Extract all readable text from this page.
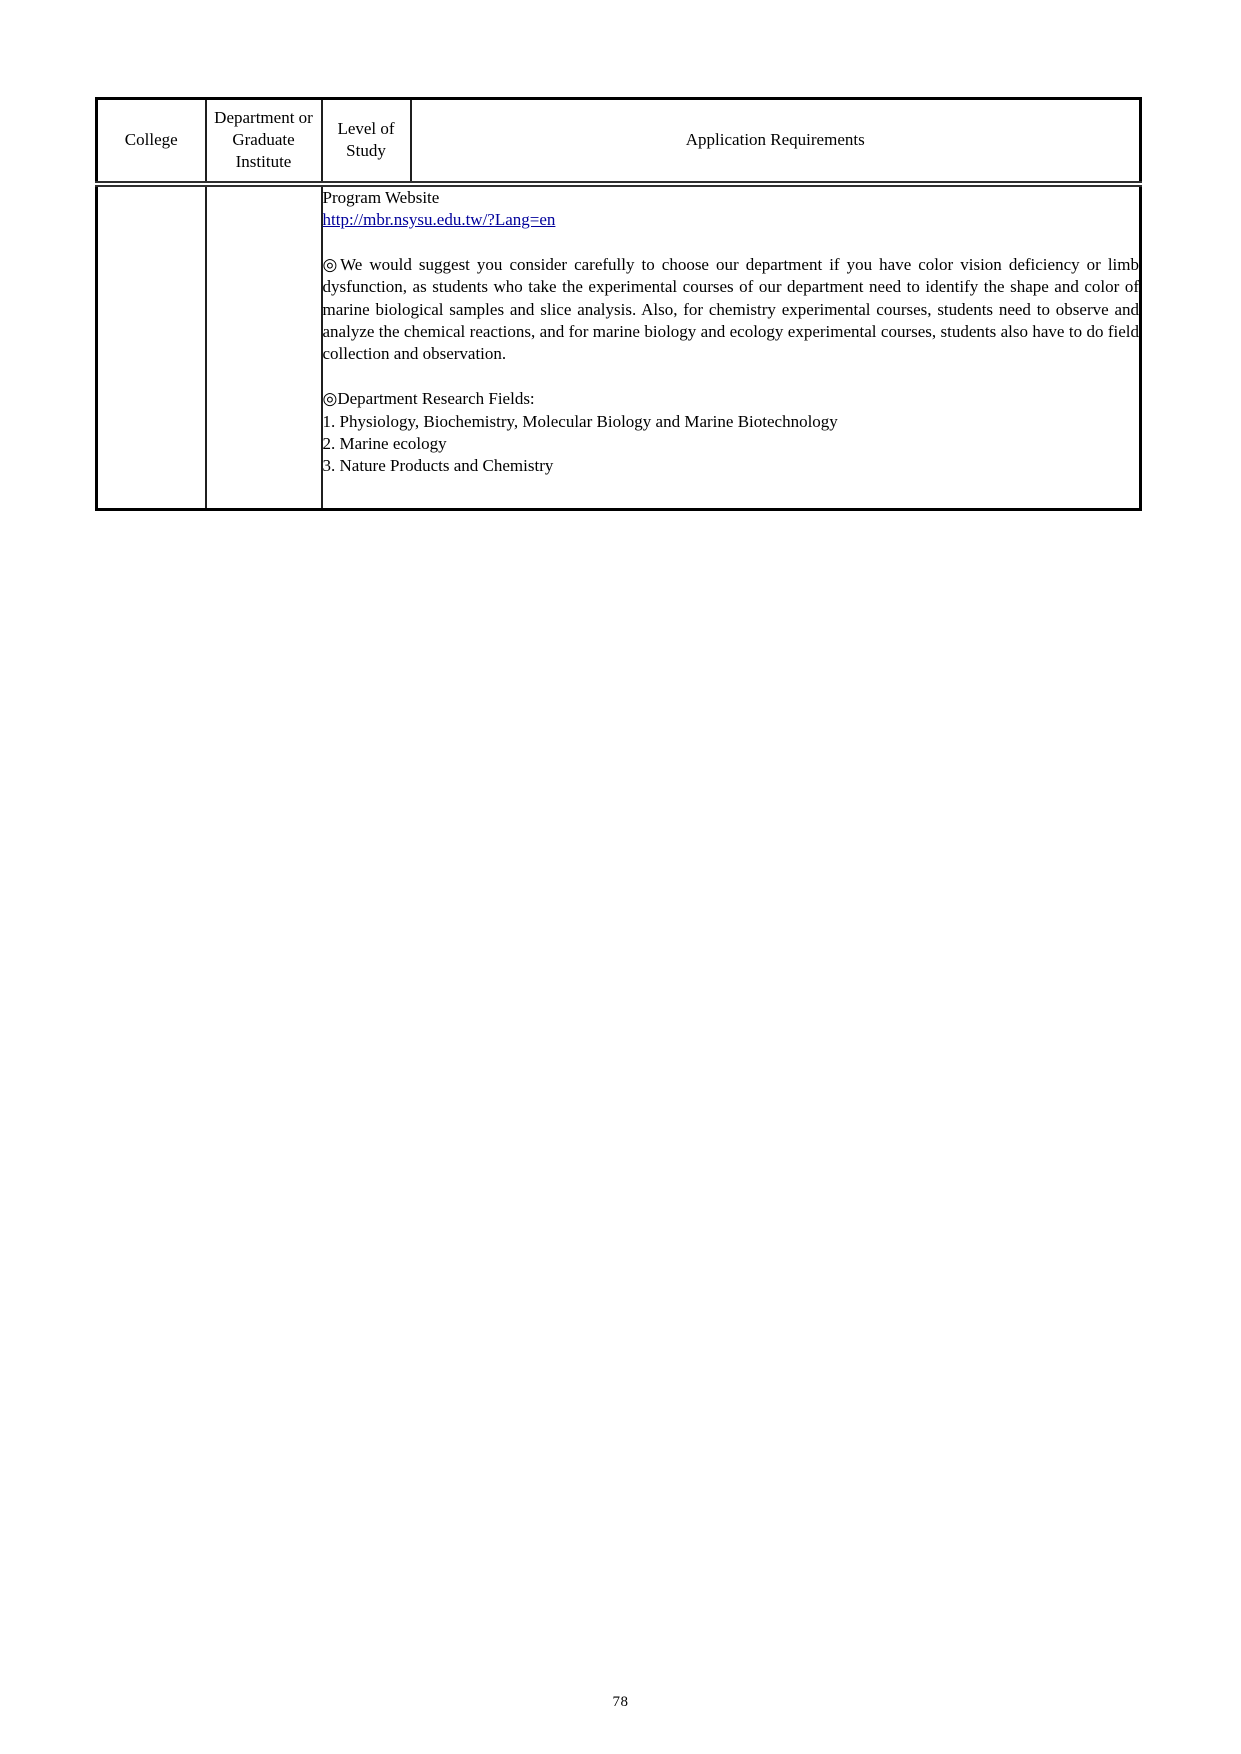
College	Department or Graduate Institute	Level of Study	Application Requirements

Program Website
http://mbr.nsysu.edu.tw/?Lang=en
◎We would suggest you consider carefully to choose our department if you have color vision deficiency or limb dysfunction, as students who take the experimental courses of our department need to identify the shape and color of marine biological samples and slice analysis. Also, for chemistry experimental courses, students need to observe and analyze the chemical reactions, and for marine biology and ecology experimental courses, students also have to do field collection and observation.
◎Department Research Fields:
1. Physiology, Biochemistry, Molecular Biology and Marine Biotechnology
2. Marine ecology
3. Nature Products and Chemistry
78
